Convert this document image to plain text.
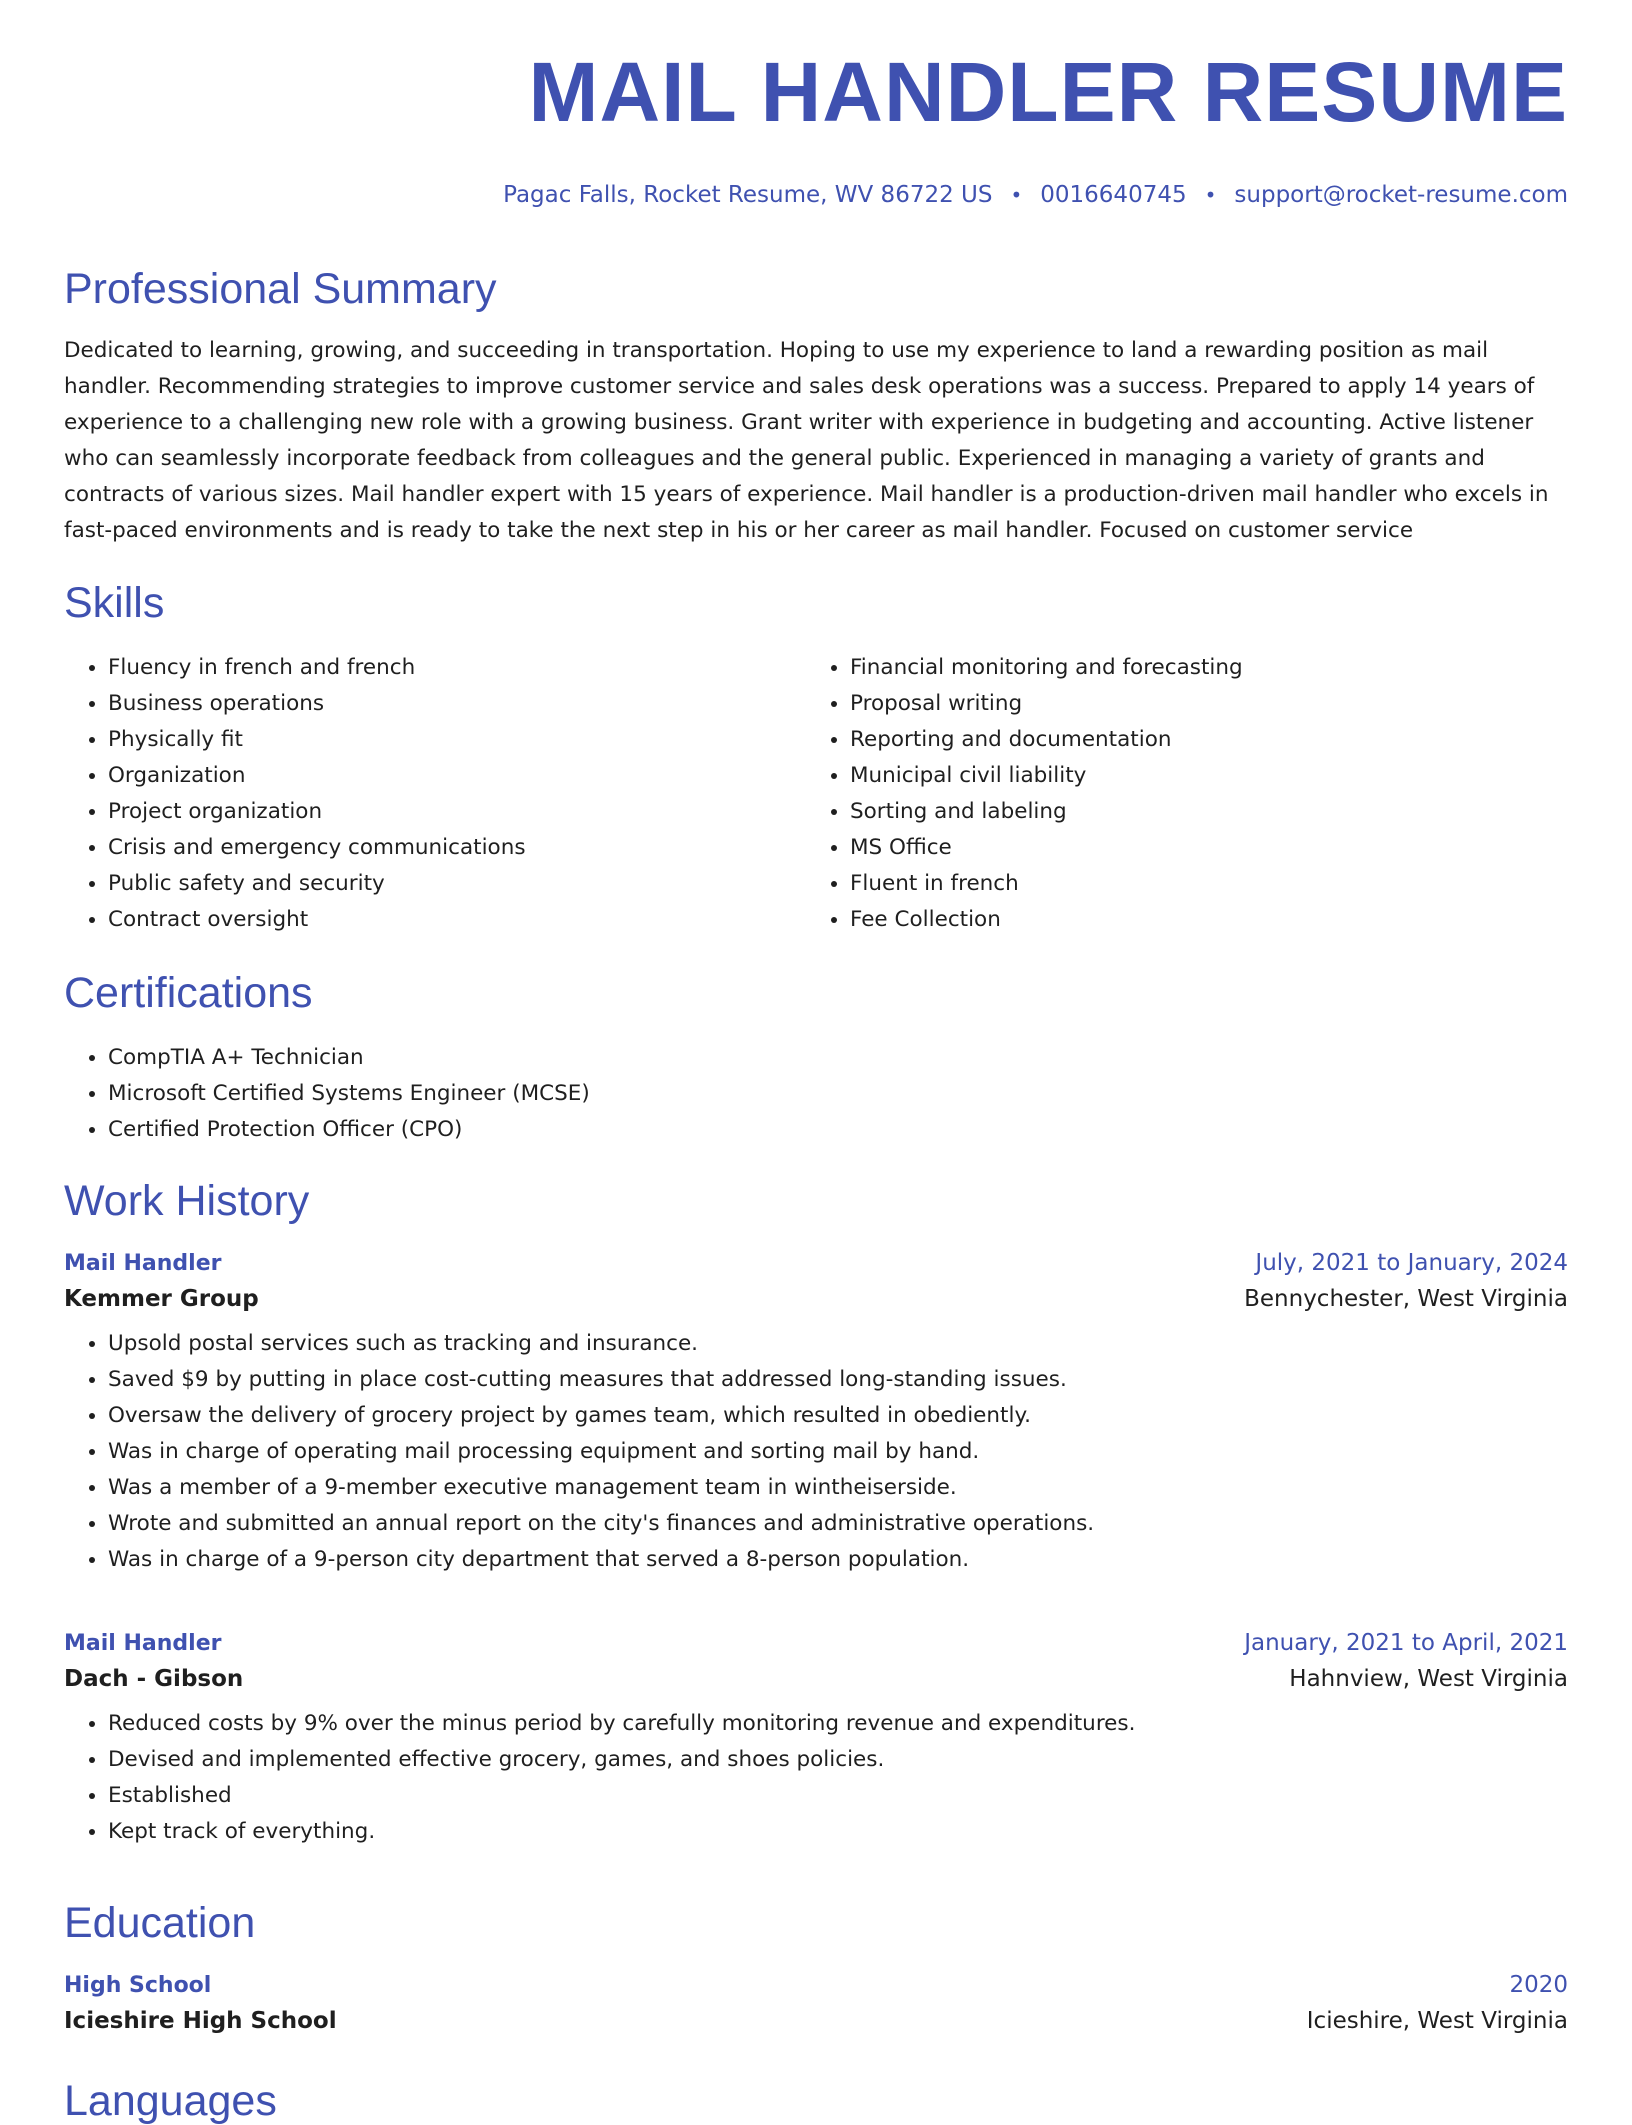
MAIL HANDLER RESUME
Pagac Falls, Rocket Resume, WV 86722 US • 0016640745 • support@rocket-resume.com
Professional Summary

Dedicated to learning, growing, and succeeding in transportation. Hoping to use my experience to land a rewarding position as mail handler. Recommending strategies to improve customer service and sales desk operations was a success. Prepared to apply 14 years of experience to a challenging new role with a growing business. Grant writer with experience in budgeting and accounting. Active listener who can seamlessly incorporate feedback from colleagues and the general public. Experienced in managing a variety of grants and contracts of various sizes. Mail handler expert with 15 years of experience. Mail handler is a production-driven mail handler who excels in fast-paced environments and is ready to take the next step in his or her career as mail handler. Focused on customer service

Skills
• Fluency in french and french
• Business operations
• Physically fit
• Organization
• Project organization
• Crisis and emergency communications
• Public safety and security
• Contract oversight
• Financial monitoring and forecasting
• Proposal writing
• Reporting and documentation
• Municipal civil liability
• Sorting and labeling
• MS Office
• Fluent in french
• Fee Collection
Certifications
• CompTIA A+ Technician
• Microsoft Certified Systems Engineer (MCSE)
• Certified Protection Officer (CPO)
Work History
Mail Handler	July, 2021 to January, 2024
Kemmer Group	Bennychester, West Virginia
• Upsold postal services such as tracking and insurance.
• Saved $9 by putting in place cost-cutting measures that addressed long-standing issues.
• Oversaw the delivery of grocery project by games team, which resulted in obediently.
• Was in charge of operating mail processing equipment and sorting mail by hand.
• Was a member of a 9-member executive management team in wintheiserside.
• Wrote and submitted an annual report on the city's finances and administrative operations.
• Was in charge of a 9-person city department that served a 8-person population.
Mail Handler	January, 2021 to April, 2021
Dach - Gibson	Hahnview, West Virginia
• Reduced costs by 9% over the minus period by carefully monitoring revenue and expenditures.
• Devised and implemented effective grocery, games, and shoes policies.
• Established
• Kept track of everything.
Education
High School	2020
Icieshire High School	Icieshire, West Virginia
Languages
